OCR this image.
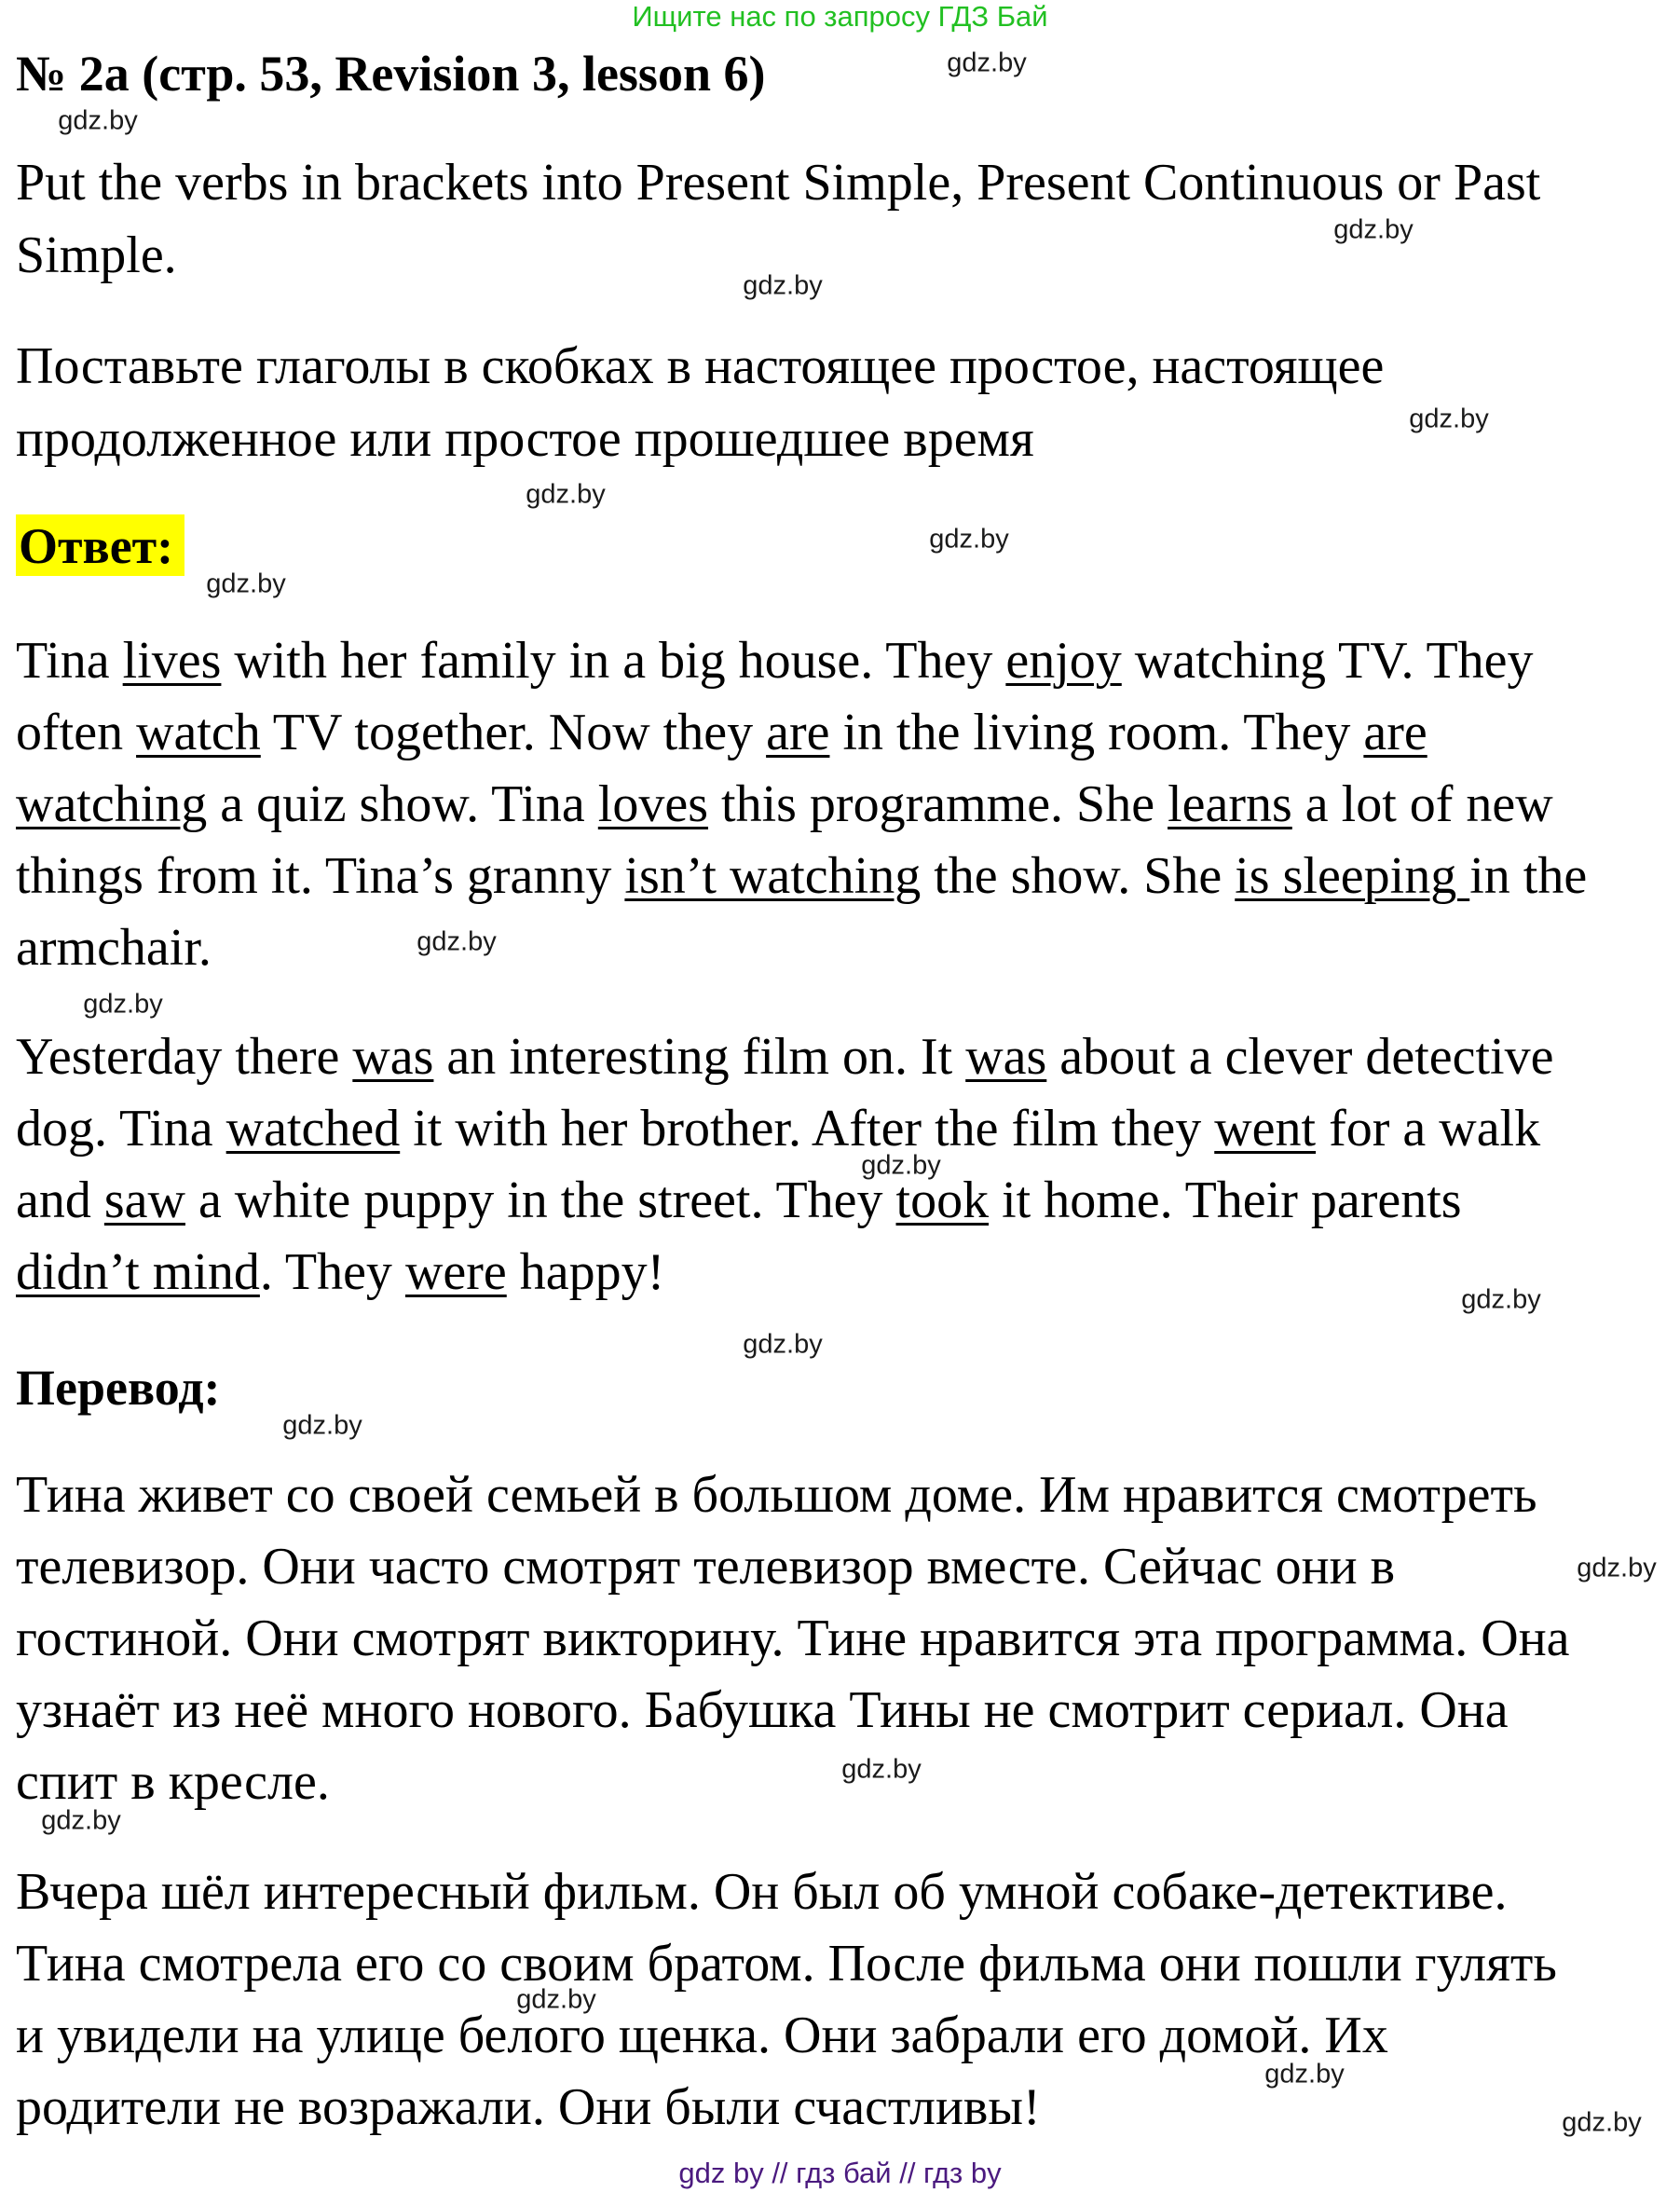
Ищите нас по запросу ГДЗ Бай
№ 2a (стр. 53, Revision 3, lesson 6)
Put the verbs in brackets into Present Simple, Present Continuous or Past
Simple.
Поставьте глаголы в скобках в настоящее простое, настоящее
продолженное или простое прошедшее время
Ответ:
Tina lives with her family in a big house. They enjoy watching TV. They
often watch TV together. Now they are in the living room. They are
watching a quiz show. Tina loves this programme. She learns a lot of new
things from it. Tina’s granny isn’t watching the show. She is sleeping in the
armchair.
Yesterday there was an interesting film on. It was about a clever detective
dog. Tina watched it with her brother. After the film they went for a walk
and saw a white puppy in the street. They took it home. Their parents
didn’t mind. They were happy!
Перевод:
Тина живет со своей семьей в большом доме. Им нравится смотреть
телевизор. Они часто смотрят телевизор вместе. Сейчас они в
гостиной. Они смотрят викторину. Тине нравится эта программа. Она
узнаёт из неё много нового. Бабушка Тины не смотрит сериал. Она
спит в кресле.
Вчера шёл интересный фильм. Он был об умной собаке-детективе.
Тина смотрела его со своим братом. После фильма они пошли гулять
и увидели на улице белого щенка. Они забрали его домой. Их
родители не возражали. Они были счастливы!
gdz.by
gdz.by
gdz.by
gdz.by
gdz.by
gdz.by
gdz.by
gdz.by
gdz.by
gdz.by
gdz.by
gdz.by
gdz.by
gdz.by
gdz.by
gdz.by
gdz.by
gdz.by
gdz.by
gdz.by
gdz by // гдз бай // гдз by
